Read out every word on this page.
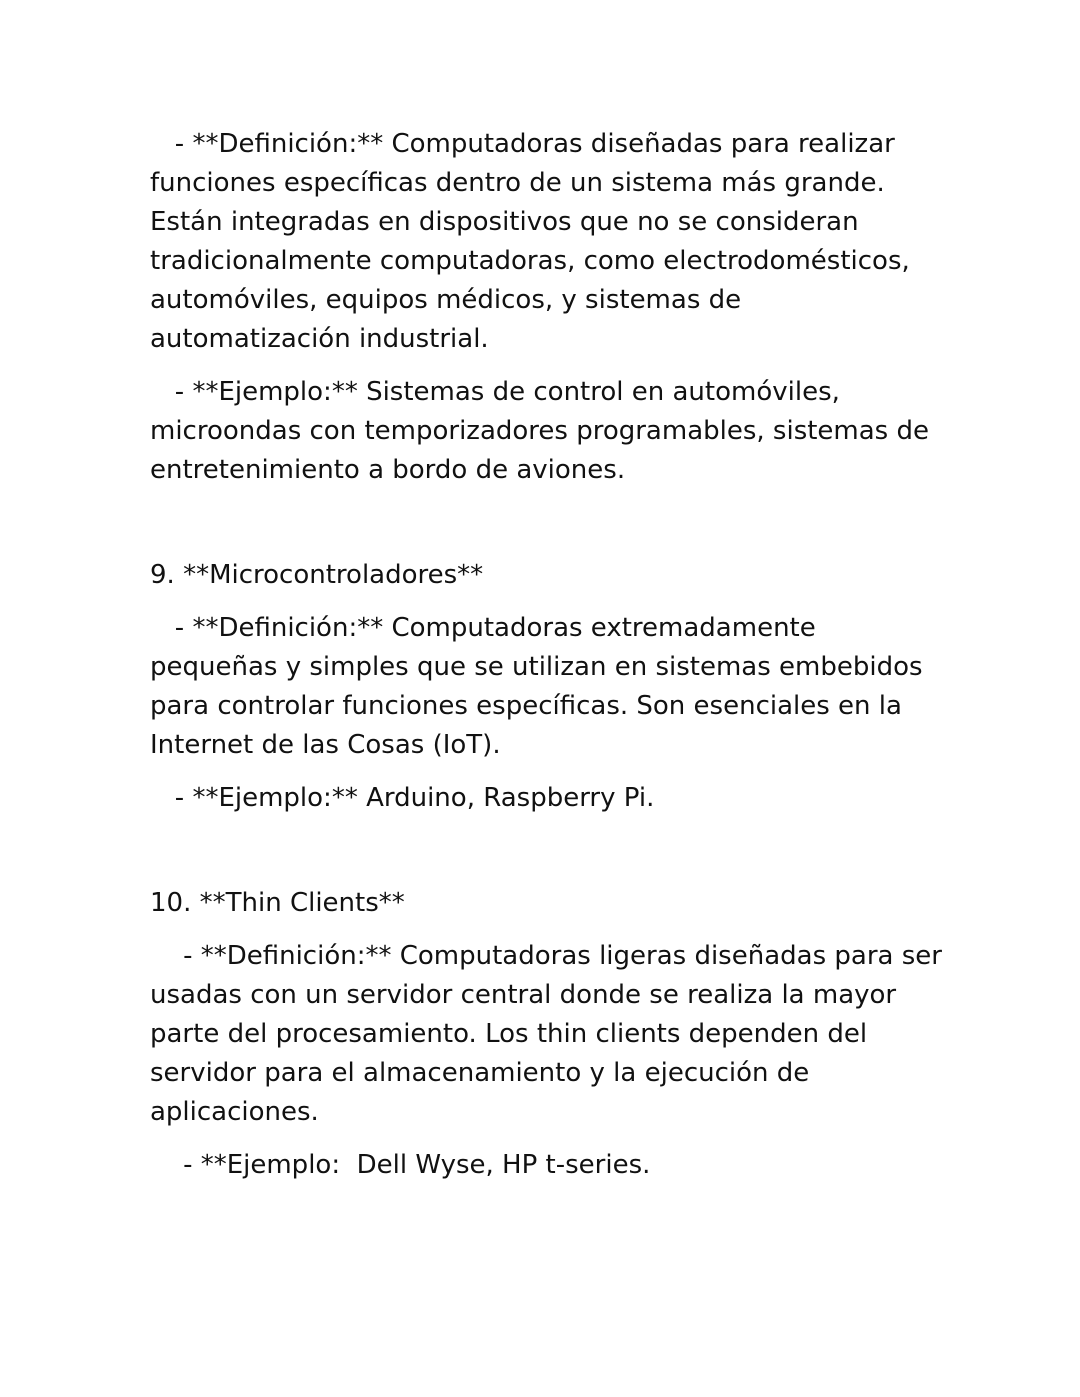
- **Definición:** Computadoras diseñadas para realizar funciones específicas dentro de un sistema más grande. Están integradas en dispositivos que no se consideran tradicionalmente computadoras, como electrodomésticos, automóviles, equipos médicos, y sistemas de automatización industrial.

- **Ejemplo:** Sistemas de control en automóviles, microondas con temporizadores programables, sistemas de entretenimiento a bordo de aviones.

9. **Microcontroladores**

- **Definición:** Computadoras extremadamente pequeñas y simples que se utilizan en sistemas embebidos para controlar funciones específicas. Son esenciales en la Internet de las Cosas (IoT).

- **Ejemplo:** Arduino, Raspberry Pi.

10. **Thin Clients**

- **Definición:** Computadoras ligeras diseñadas para ser usadas con un servidor central donde se realiza la mayor parte del procesamiento. Los thin clients dependen del servidor para el almacenamiento y la ejecución de aplicaciones.

- **Ejemplo:  Dell Wyse, HP t-series.
